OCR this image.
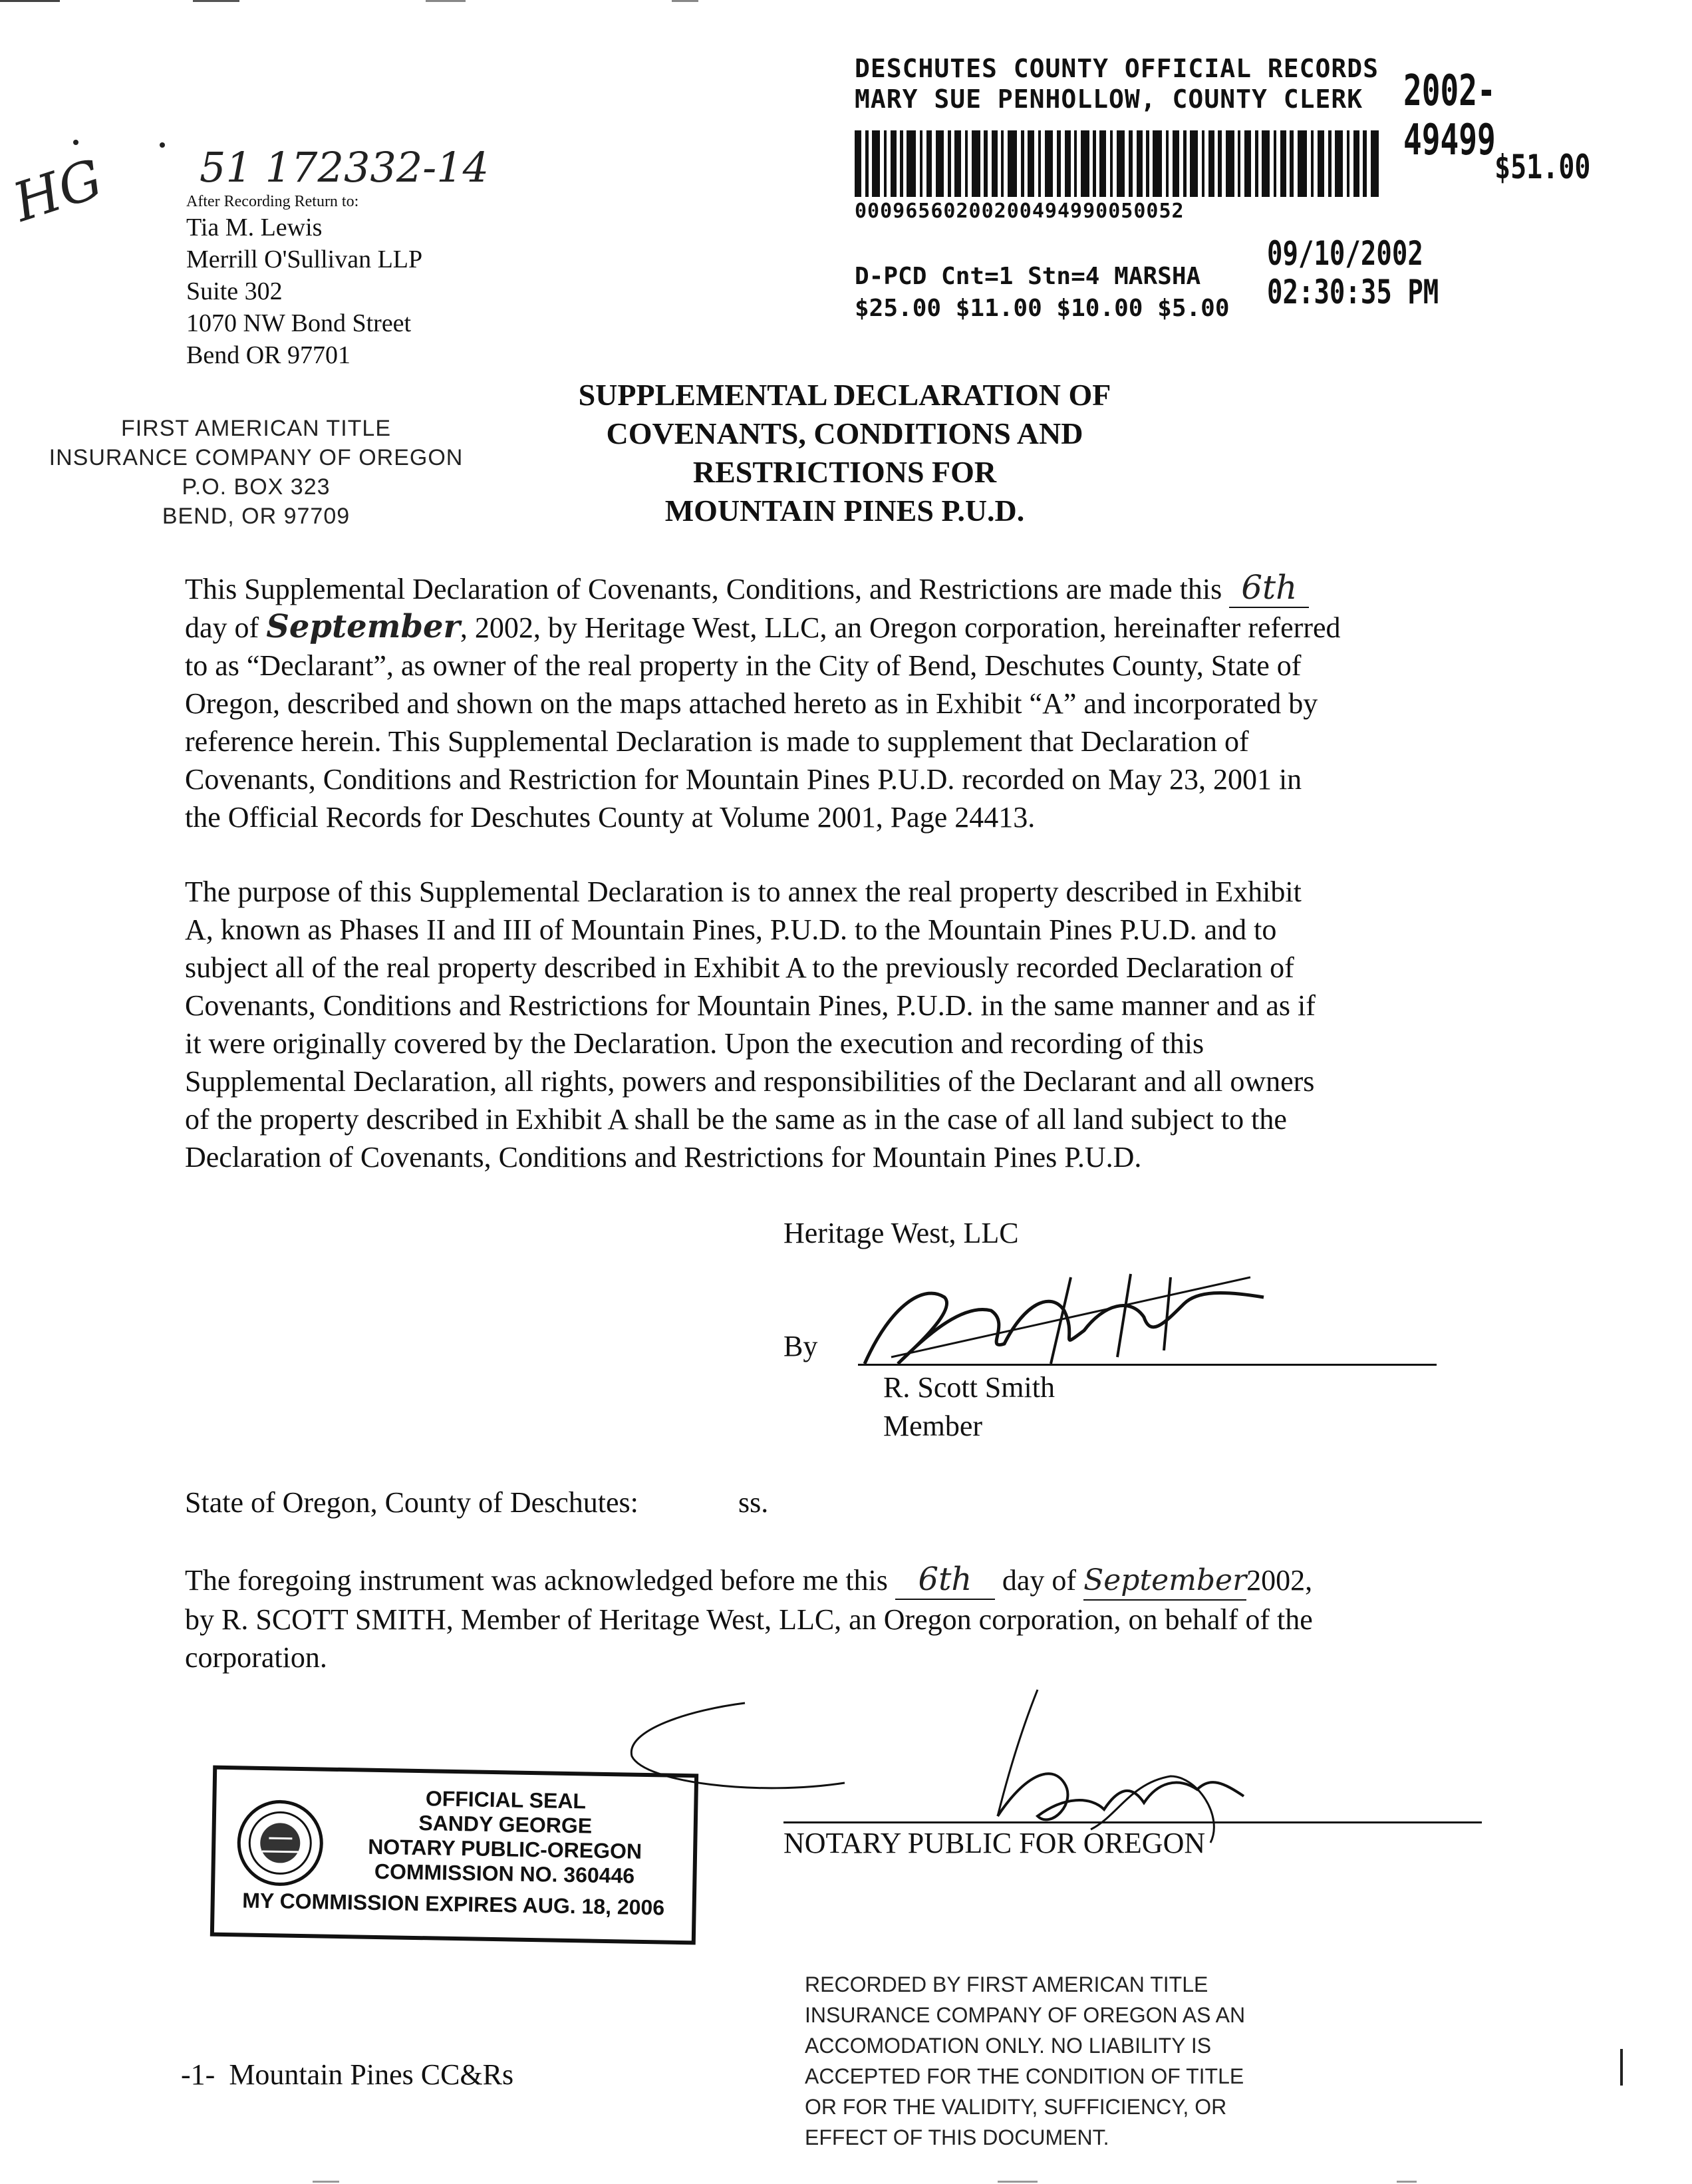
DESCHUTES COUNTY OFFICIAL RECORDS
MARY SUE PENHOLLOW, COUNTY CLERK 2002-49499
$51.00
00096560200200494990050052
09/10/2002 02:30:35 PM
D-PCD Cnt=1 Stn=4 MARSHA
$25.00 $11.00 $10.00 $5.00
HG 51 172332-14
After Recording Return to:
Tia M. Lewis
Merrill O'Sullivan LLP
Suite 302
1070 NW Bond Street
Bend OR 97701
FIRST AMERICAN TITLE
INSURANCE COMPANY OF OREGON
P.O. BOX 323
BEND, OR 97709
SUPPLEMENTAL DECLARATION OF
COVENANTS, CONDITIONS AND
RESTRICTIONS FOR
MOUNTAIN PINES P.U.D.
This Supplemental Declaration of Covenants, Conditions, and Restrictions are made this 6th
day of September, 2002, by Heritage West, LLC, an Oregon corporation, hereinafter referred
to as “Declarant”, as owner of the real property in the City of Bend, Deschutes County, State of
Oregon, described and shown on the maps attached hereto as in Exhibit “A” and incorporated by
reference herein. This Supplemental Declaration is made to supplement that Declaration of
Covenants, Conditions and Restriction for Mountain Pines P.U.D. recorded on May 23, 2001 in
the Official Records for Deschutes County at Volume 2001, Page 24413.
The purpose of this Supplemental Declaration is to annex the real property described in Exhibit
A, known as Phases II and III of Mountain Pines, P.U.D. to the Mountain Pines P.U.D. and to
subject all of the real property described in Exhibit A to the previously recorded Declaration of
Covenants, Conditions and Restrictions for Mountain Pines, P.U.D. in the same manner and as if
it were originally covered by the Declaration. Upon the execution and recording of this
Supplemental Declaration, all rights, powers and responsibilities of the Declarant and all owners
of the property described in Exhibit A shall be the same as in the case of all land subject to the
Declaration of Covenants, Conditions and Restrictions for Mountain Pines P.U.D.
Heritage West, LLC
By
R. Scott Smith
Member
State of Oregon, County of Deschutes:	ss.
The foregoing instrument was acknowledged before me this 6th day of September2002,
by R. SCOTT SMITH, Member of Heritage West, LLC, an Oregon corporation, on behalf of the
corporation.
NOTARY PUBLIC FOR OREGON
OFFICIAL SEAL
SANDY GEORGE
NOTARY PUBLIC-OREGON
COMMISSION NO. 360446
MY COMMISSION EXPIRES AUG. 18, 2006
RECORDED BY FIRST AMERICAN TITLE
INSURANCE COMPANY OF OREGON AS AN
ACCOMODATION ONLY. NO LIABILITY IS
ACCEPTED FOR THE CONDITION OF TITLE
OR FOR THE VALIDITY, SUFFICIENCY, OR
EFFECT OF THIS DOCUMENT.
-1- Mountain Pines CC&Rs
